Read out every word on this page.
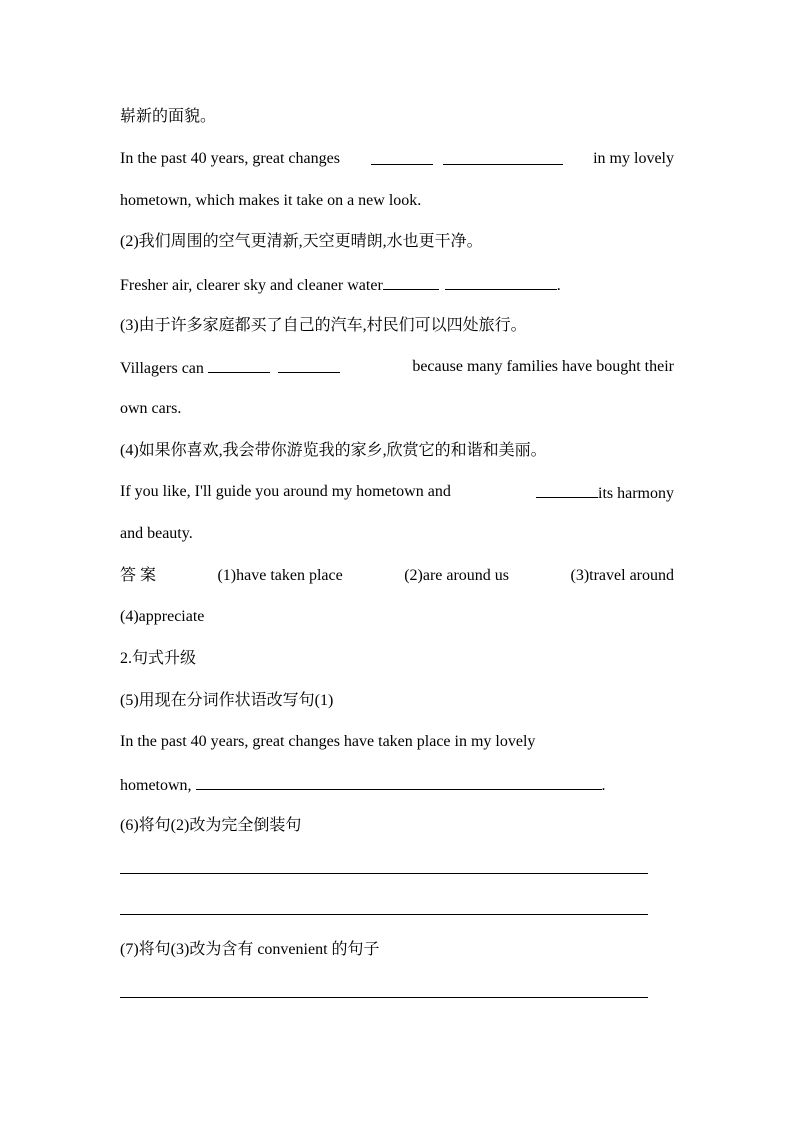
崭新的面貌。
In the past 40 years, great changes
	in my lovely
hometown, which makes it take on a new look.
(2)我们周围的空气更清新,天空更晴朗,水也更干净。
Fresher air, clearer sky and cleaner water	.
(3)由于许多家庭都买了自己的汽车,村民们可以四处旅行。
Villagers can	because many families have bought their
own cars.
(4)如果你喜欢,我会带你游览我的家乡,欣赏它的和谐和美丽。
If you like, I'll guide you around my hometown and	its harmony
and beauty.
答 案	(1)have taken place	(2)are around us	(3)travel around
(4)appreciate
2.句式升级
(5)用现在分词作状语改写句(1)
In the past 40 years, great changes have taken place in my lovely
hometown,	.
(6)将句(2)改为完全倒装句
(7)将句(3)改为含有 convenient 的句子
